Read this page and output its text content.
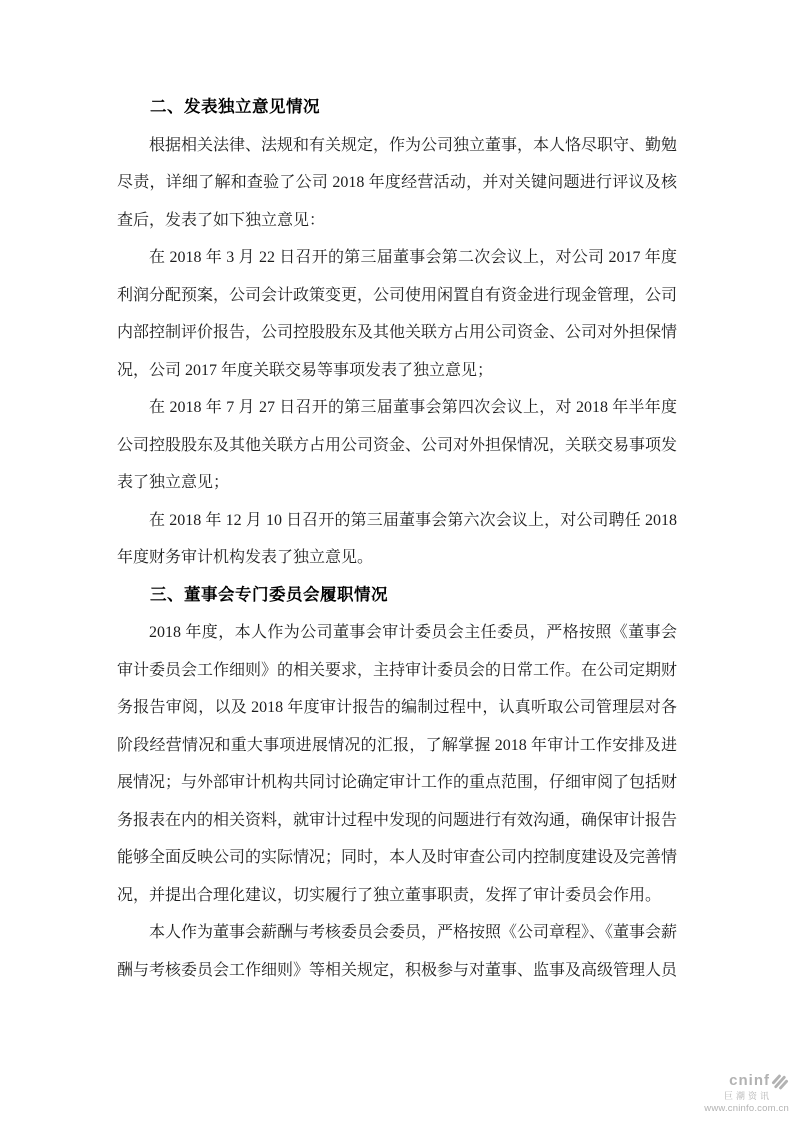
二、发表独立意见情况

根据相关法律、法规和有关规定，作为公司独立董事，本人恪尽职守、勤勉尽责，详细了解和查验了公司 2018 年度经营活动，并对关键问题进行评议及核查后，发表了如下独立意见：

在 2018 年 3 月 22 日召开的第三届董事会第二次会议上，对公司 2017 年度利润分配预案，公司会计政策变更，公司使用闲置自有资金进行现金管理，公司内部控制评价报告，公司控股股东及其他关联方占用公司资金、公司对外担保情况，公司 2017 年度关联交易等事项发表了独立意见；

在 2018 年 7 月 27 日召开的第三届董事会第四次会议上，对 2018 年半年度公司控股股东及其他关联方占用公司资金、公司对外担保情况，关联交易事项发表了独立意见；

在 2018 年 12 月 10 日召开的第三届董事会第六次会议上，对公司聘任 2018 年度财务审计机构发表了独立意见。

三、董事会专门委员会履职情况

2018 年度，本人作为公司董事会审计委员会主任委员，严格按照《董事会审计委员会工作细则》的相关要求，主持审计委员会的日常工作。在公司定期财务报告审阅，以及 2018 年度审计报告的编制过程中，认真听取公司管理层对各阶段经营情况和重大事项进展情况的汇报，了解掌握 2018 年审计工作安排及进展情况；与外部审计机构共同讨论确定审计工作的重点范围，仔细审阅了包括财务报表在内的相关资料，就审计过程中发现的问题进行有效沟通，确保审计报告能够全面反映公司的实际情况；同时，本人及时审查公司内控制度建设及完善情况，并提出合理化建议，切实履行了独立董事职责，发挥了审计委员会作用。

本人作为董事会薪酬与考核委员会委员，严格按照《公司章程》、《董事会薪酬与考核委员会工作细则》等相关规定，积极参与对董事、监事及高级管理人员

cninf
巨潮资讯
www.cninfo.com.cn
